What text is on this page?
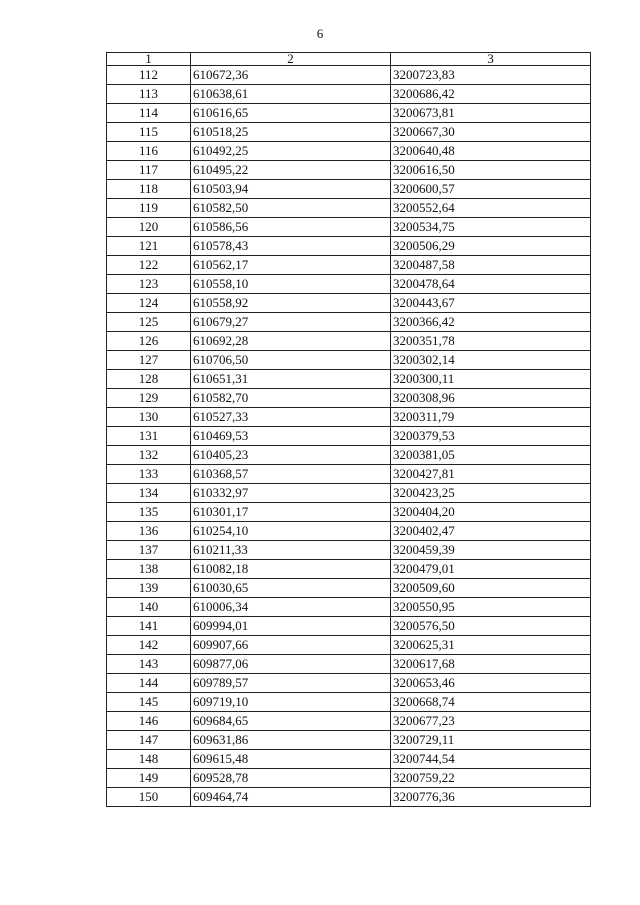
6
1	2	3
112	610672,36	3200723,83
113	610638,61	3200686,42
114	610616,65	3200673,81
115	610518,25	3200667,30
116	610492,25	3200640,48
117	610495,22	3200616,50
118	610503,94	3200600,57
119	610582,50	3200552,64
120	610586,56	3200534,75
121	610578,43	3200506,29
122	610562,17	3200487,58
123	610558,10	3200478,64
124	610558,92	3200443,67
125	610679,27	3200366,42
126	610692,28	3200351,78
127	610706,50	3200302,14
128	610651,31	3200300,11
129	610582,70	3200308,96
130	610527,33	3200311,79
131	610469,53	3200379,53
132	610405,23	3200381,05
133	610368,57	3200427,81
134	610332,97	3200423,25
135	610301,17	3200404,20
136	610254,10	3200402,47
137	610211,33	3200459,39
138	610082,18	3200479,01
139	610030,65	3200509,60
140	610006,34	3200550,95
141	609994,01	3200576,50
142	609907,66	3200625,31
143	609877,06	3200617,68
144	609789,57	3200653,46
145	609719,10	3200668,74
146	609684,65	3200677,23
147	609631,86	3200729,11
148	609615,48	3200744,54
149	609528,78	3200759,22
150	609464,74	3200776,36
